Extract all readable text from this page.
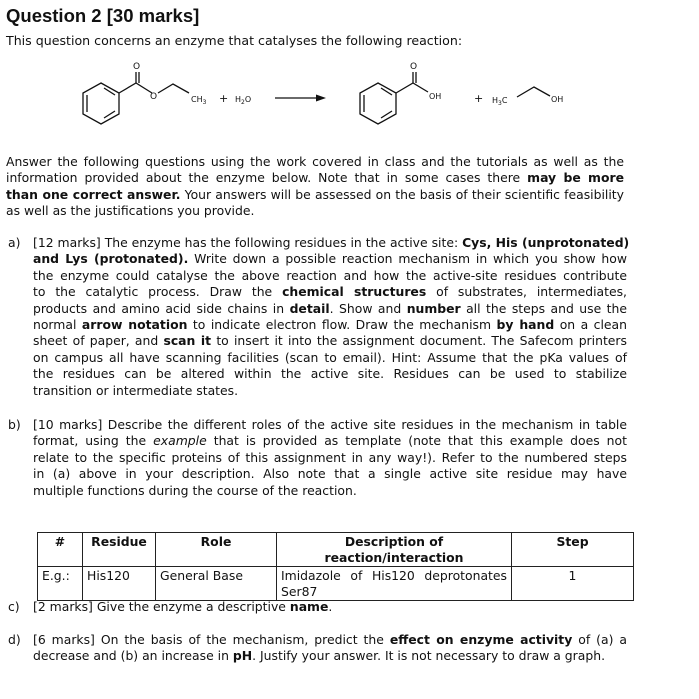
Question 2 [30 marks]
This question concerns an enzyme that catalyses the following reaction:
O
O	$CH_3 + H_2O$
O
OH	+ $H_3C$	OH
Answer the following questions using the work covered in class and the tutorials as well as the
information provided about the enzyme below. Note that in some cases there may be more
than one correct answer. Your answers will be assessed on the basis of their scientific feasibility
as well as the justifications you provide.
a) [12 marks] The enzyme has the following residues in the active site: Cys, His (unprotonated)
and Lys (protonated). Write down a possible reaction mechanism in which you show how
the enzyme could catalyse the above reaction and how the active-site residues contribute
to the catalytic process. Draw the chemical structures of substrates, intermediates,
products and amino acid side chains in detail. Show and number all the steps and use the
normal arrow notation to indicate electron flow. Draw the mechanism by hand on a clean
sheet of paper, and scan it to insert it into the assignment document. The Safecom printers
on campus all have scanning facilities (scan to email). Hint: Assume that the pKa values of
the residues can be altered within the active site. Residues can be used to stabilize
transition or intermediate states.
b) [10 marks] Describe the different roles of the active site residues in the mechanism in table
format, using the example that is provided as template (note that this example does not
relate to the specific proteins of this assignment in any way!). Refer to the numbered steps
in (a) above in your description. Also note that a single active site residue may have
multiple functions during the course of the reaction.
#	Residue	Role	Description of reaction/interaction	Step
E.g.:	His120	General Base	Imidazole of His120 deprotonates Ser87	1
c) [2 marks] Give the enzyme a descriptive name.
d) [6 marks] On the basis of the mechanism, predict the effect on enzyme activity of (a) a
decrease and (b) an increase in pH. Justify your answer. It is not necessary to draw a graph.
